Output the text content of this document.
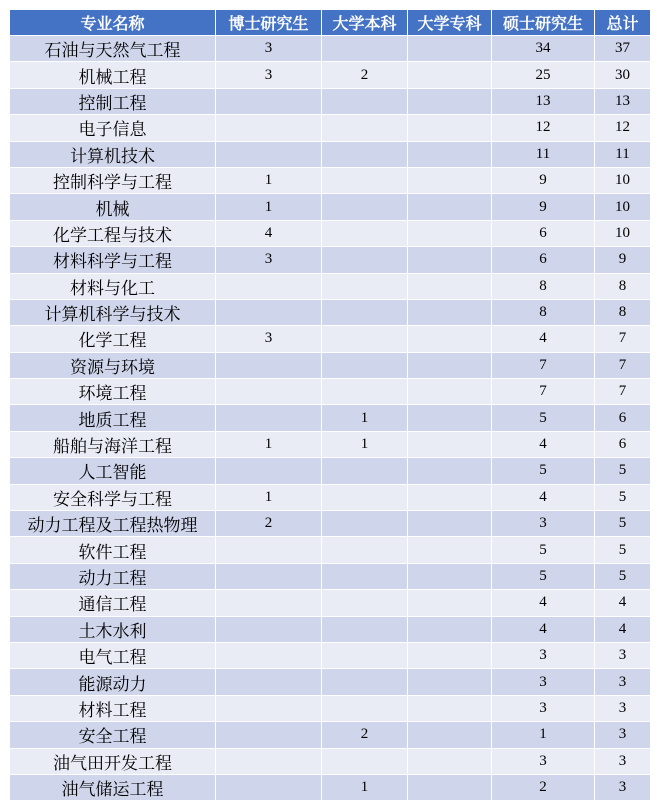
专业名称	博士研究生	大学本科	大学专科	硕士研究生	总计
石油与天然气工程	3			34	37
机械工程	3	2		25	30
控制工程				13	13
电子信息				12	12
计算机技术				11	11
控制科学与工程	1			9	10
机械	1			9	10
化学工程与技术	4			6	10
材料科学与工程	3			6	9
材料与化工				8	8
计算机科学与技术				8	8
化学工程	3			4	7
资源与环境				7	7
环境工程				7	7
地质工程		1		5	6
船舶与海洋工程	1	1		4	6
人工智能				5	5
安全科学与工程	1			4	5
动力工程及工程热物理	2			3	5
软件工程				5	5
动力工程				5	5
通信工程				4	4
土木水利				4	4
电气工程				3	3
能源动力				3	3
材料工程				3	3
安全工程		2		1	3
油气田开发工程				3	3
油气储运工程		1		2	3
